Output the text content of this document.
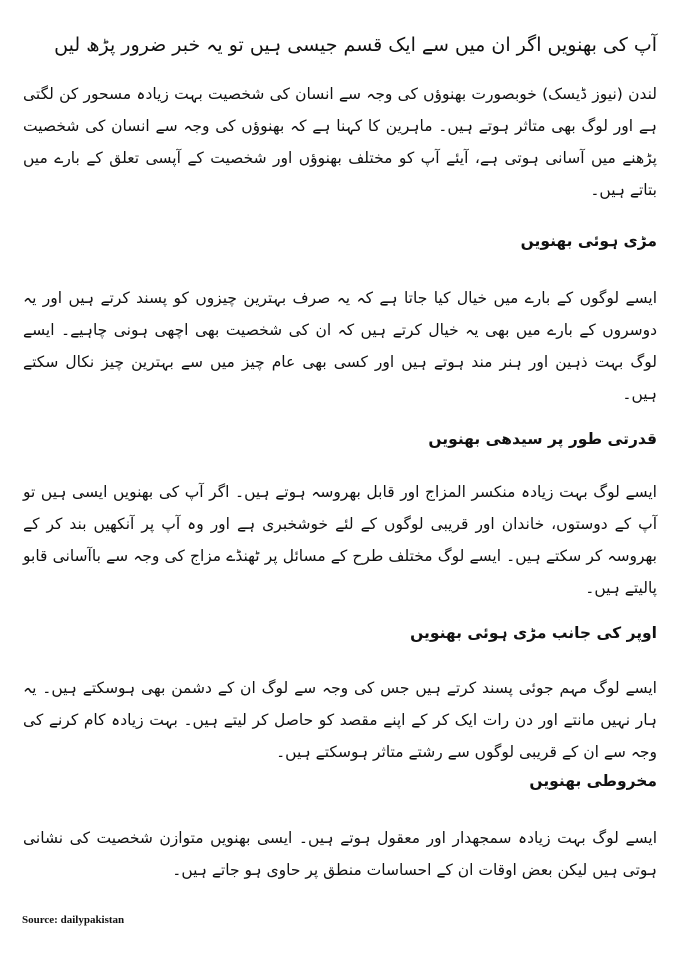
آپ کی بھنویں اگر ان میں سے ایک قسم جیسی ہیں تو یہ خبر ضرور پڑھ لیں

لندن (نیوز ڈیسک) خوبصورت بھنوؤں کی وجہ سے انسان کی شخصیت بہت زیادہ مسحور کن لگتی ہے اور لوگ بھی متاثر ہوتے ہیں۔ ماہرین کا کہنا ہے کہ بھنوؤں کی وجہ سے انسان کی شخصیت پڑھنے میں آسانی ہوتی ہے، آیئے آپ کو مختلف بھنوؤں اور شخصیت کے آپسی تعلق کے بارے میں بتاتے ہیں۔

مڑی ہوئی بھنویں

ایسے لوگوں کے بارے میں خیال کیا جاتا ہے کہ یہ صرف بہترین چیزوں کو پسند کرتے ہیں اور یہ دوسروں کے بارے میں بھی یہ خیال کرتے ہیں کہ ان کی شخصیت بھی اچھی ہونی چاہیے۔ ایسے لوگ بہت ذہین اور ہنر مند ہوتے ہیں اور کسی بھی عام چیز میں سے بہترین چیز نکال سکتے ہیں۔

قدرتی طور پر سیدھی بھنویں

ایسے لوگ بہت زیادہ منکسر المزاج اور قابل بھروسہ ہوتے ہیں۔ اگر آپ کی بھنویں ایسی ہیں تو آپ کے دوستوں، خاندان اور قریبی لوگوں کے لئے خوشخبری ہے اور وہ آپ پر آنکھیں بند کر کے بھروسہ کر سکتے ہیں۔ ایسے لوگ مختلف طرح کے مسائل پر ٹھنڈے مزاج کی وجہ سے باآسانی قابو پالیتے ہیں۔

اوپر کی جانب مڑی ہوئی بھنویں

ایسے لوگ مہم جوئی پسند کرتے ہیں جس کی وجہ سے لوگ ان کے دشمن بھی ہوسکتے ہیں۔ یہ ہار نہیں مانتے اور دن رات ایک کر کے اپنے مقصد کو حاصل کر لیتے ہیں۔ بہت زیادہ کام کرنے کی وجہ سے ان کے قریبی لوگوں سے رشتے متاثر ہوسکتے ہیں۔

مخروطی بھنویں

ایسے لوگ بہت زیادہ سمجھدار اور معقول ہوتے ہیں۔ ایسی بھنویں متوازن شخصیت کی نشانی ہوتی ہیں لیکن بعض اوقات ان کے احساسات منطق پر حاوی ہو جاتے ہیں۔

Source: dailypakistan
